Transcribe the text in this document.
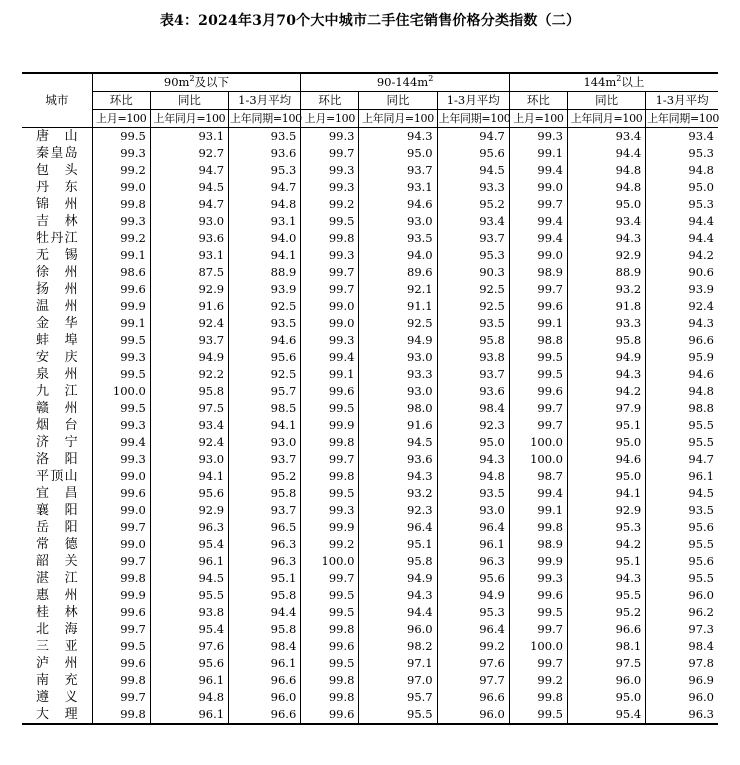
表4：2024年3月70个大中城市二手住宅销售价格分类指数（二）
城市	$90m^2$及以下			$90-144m^2$			$144m^2$以上		
	环比	同比	1-3月平均	环比	同比	1-3月平均	环比	同比	1-3月平均
	上月=100	上年同月=100	上年同期=100	上月=100	上年同月=100	上年同期=100	上月=100	上年同月=100	上年同期=100
唐山	99.5	93.1	93.5	99.3	94.3	94.7	99.3	93.4	93.4
秦皇岛	99.3	92.7	93.6	99.7	95.0	95.6	99.1	94.4	95.3
包头	99.2	94.7	95.3	99.3	93.7	94.5	99.4	94.8	94.8
丹东	99.0	94.5	94.7	99.3	93.1	93.3	99.0	94.8	95.0
锦州	99.8	94.7	94.8	99.2	94.6	95.2	99.7	95.0	95.3
吉林	99.3	93.0	93.1	99.5	93.0	93.4	99.4	93.4	94.4
牡丹江	99.2	93.6	94.0	99.8	93.5	93.7	99.4	94.3	94.4
无锡	99.1	93.1	94.1	99.3	94.0	95.3	99.0	92.9	94.2
徐州	98.6	87.5	88.9	99.7	89.6	90.3	98.9	88.9	90.6
扬州	99.6	92.9	93.9	99.7	92.1	92.5	99.7	93.2	93.9
温州	99.9	91.6	92.5	99.0	91.1	92.5	99.6	91.8	92.4
金华	99.1	92.4	93.5	99.0	92.5	93.5	99.1	93.3	94.3
蚌埠	99.5	93.7	94.6	99.3	94.9	95.8	98.8	95.8	96.6
安庆	99.3	94.9	95.6	99.4	93.0	93.8	99.5	94.9	95.9
泉州	99.5	92.2	92.5	99.1	93.3	93.7	99.5	94.3	94.6
九江	100.0	95.8	95.7	99.6	93.0	93.6	99.6	94.2	94.8
赣州	99.5	97.5	98.5	99.5	98.0	98.4	99.7	97.9	98.8
烟台	99.3	93.4	94.1	99.9	91.6	92.3	99.7	95.1	95.5
济宁	99.4	92.4	93.0	99.8	94.5	95.0	100.0	95.0	95.5
洛阳	99.3	93.0	93.7	99.7	93.6	94.3	100.0	94.6	94.7
平顶山	99.0	94.1	95.2	99.8	94.3	94.8	98.7	95.0	96.1
宜昌	99.6	95.6	95.8	99.5	93.2	93.5	99.4	94.1	94.5
襄阳	99.0	92.9	93.7	99.3	92.3	93.0	99.1	92.9	93.5
岳阳	99.7	96.3	96.5	99.9	96.4	96.4	99.8	95.3	95.6
常德	99.0	95.4	96.3	99.2	95.1	96.1	98.9	94.2	95.5
韶关	99.7	96.1	96.3	100.0	95.8	96.3	99.9	95.1	95.6
湛江	99.8	94.5	95.1	99.7	94.9	95.6	99.3	94.3	95.5
惠州	99.9	95.5	95.8	99.5	94.3	94.9	99.6	95.5	96.0
桂林	99.6	93.8	94.4	99.5	94.4	95.3	99.5	95.2	96.2
北海	99.7	95.4	95.8	99.8	96.0	96.4	99.7	96.6	97.3
三亚	99.5	97.6	98.4	99.6	98.2	99.2	100.0	98.1	98.4
泸州	99.6	95.6	96.1	99.5	97.1	97.6	99.7	97.5	97.8
南充	99.8	96.1	96.6	99.8	97.0	97.7	99.2	96.0	96.9
遵义	99.7	94.8	96.0	99.8	95.7	96.6	99.8	95.0	96.0
大理	99.8	96.1	96.6	99.6	95.5	96.0	99.5	95.4	96.3
